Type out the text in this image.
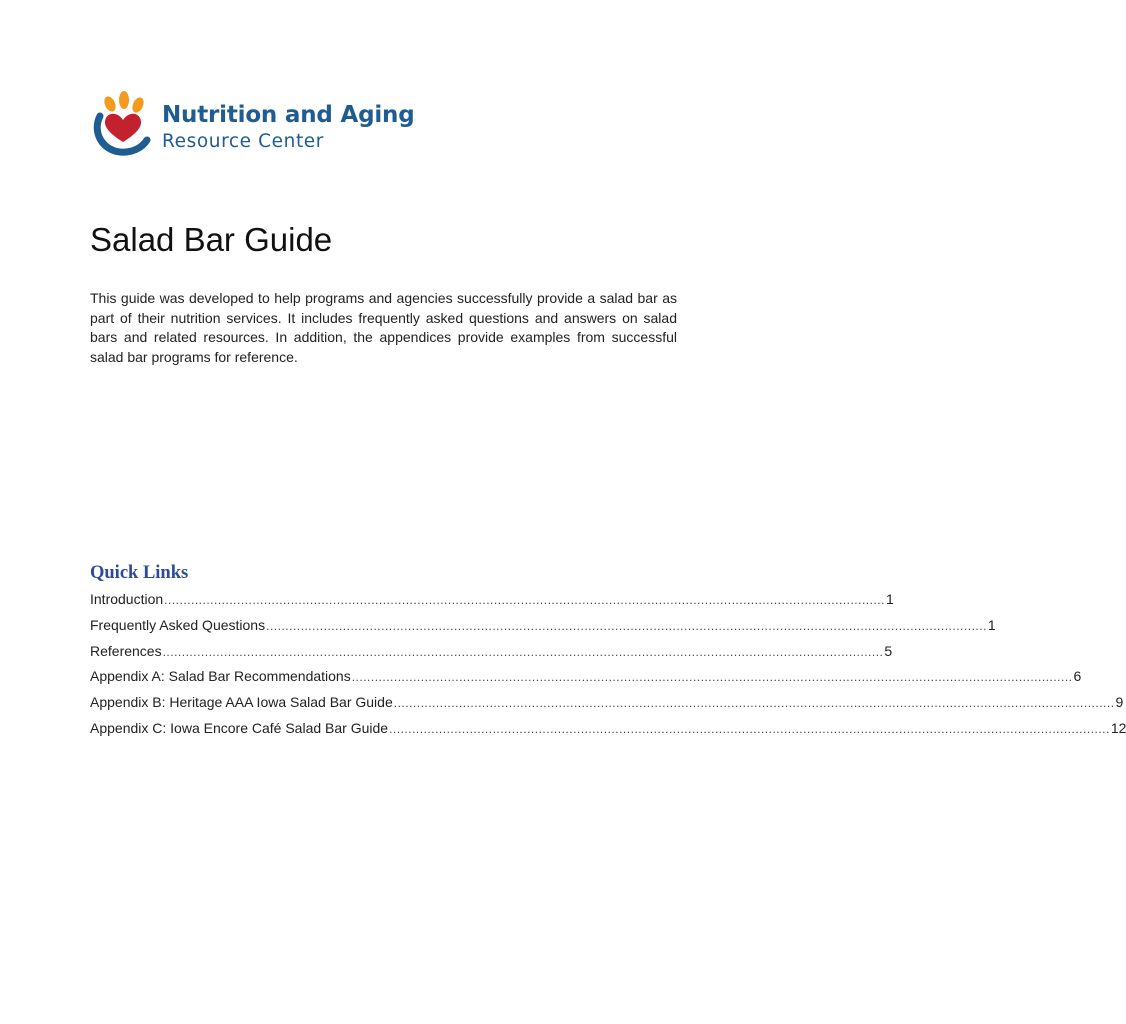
Nutrition and Aging
Resource Center
Salad Bar Guide

This guide was developed to help programs and agencies successfully provide a salad bar as part of their nutrition services. It includes frequently asked questions and answers on salad bars and related resources. In addition, the appendices provide examples from successful salad bar programs for reference.

Quick Links
Introduction ............................................................................................................................................................................................ 1
Frequently Asked Questions ............................................................................................................................................................................................ 1
References ............................................................................................................................................................................................ 5
Appendix A: Salad Bar Recommendations ............................................................................................................................................................................................ 6
Appendix B: Heritage AAA Iowa Salad Bar Guide ............................................................................................................................................................................................ 9
Appendix C: Iowa Encore Café Salad Bar Guide ............................................................................................................................................................................................ 12
